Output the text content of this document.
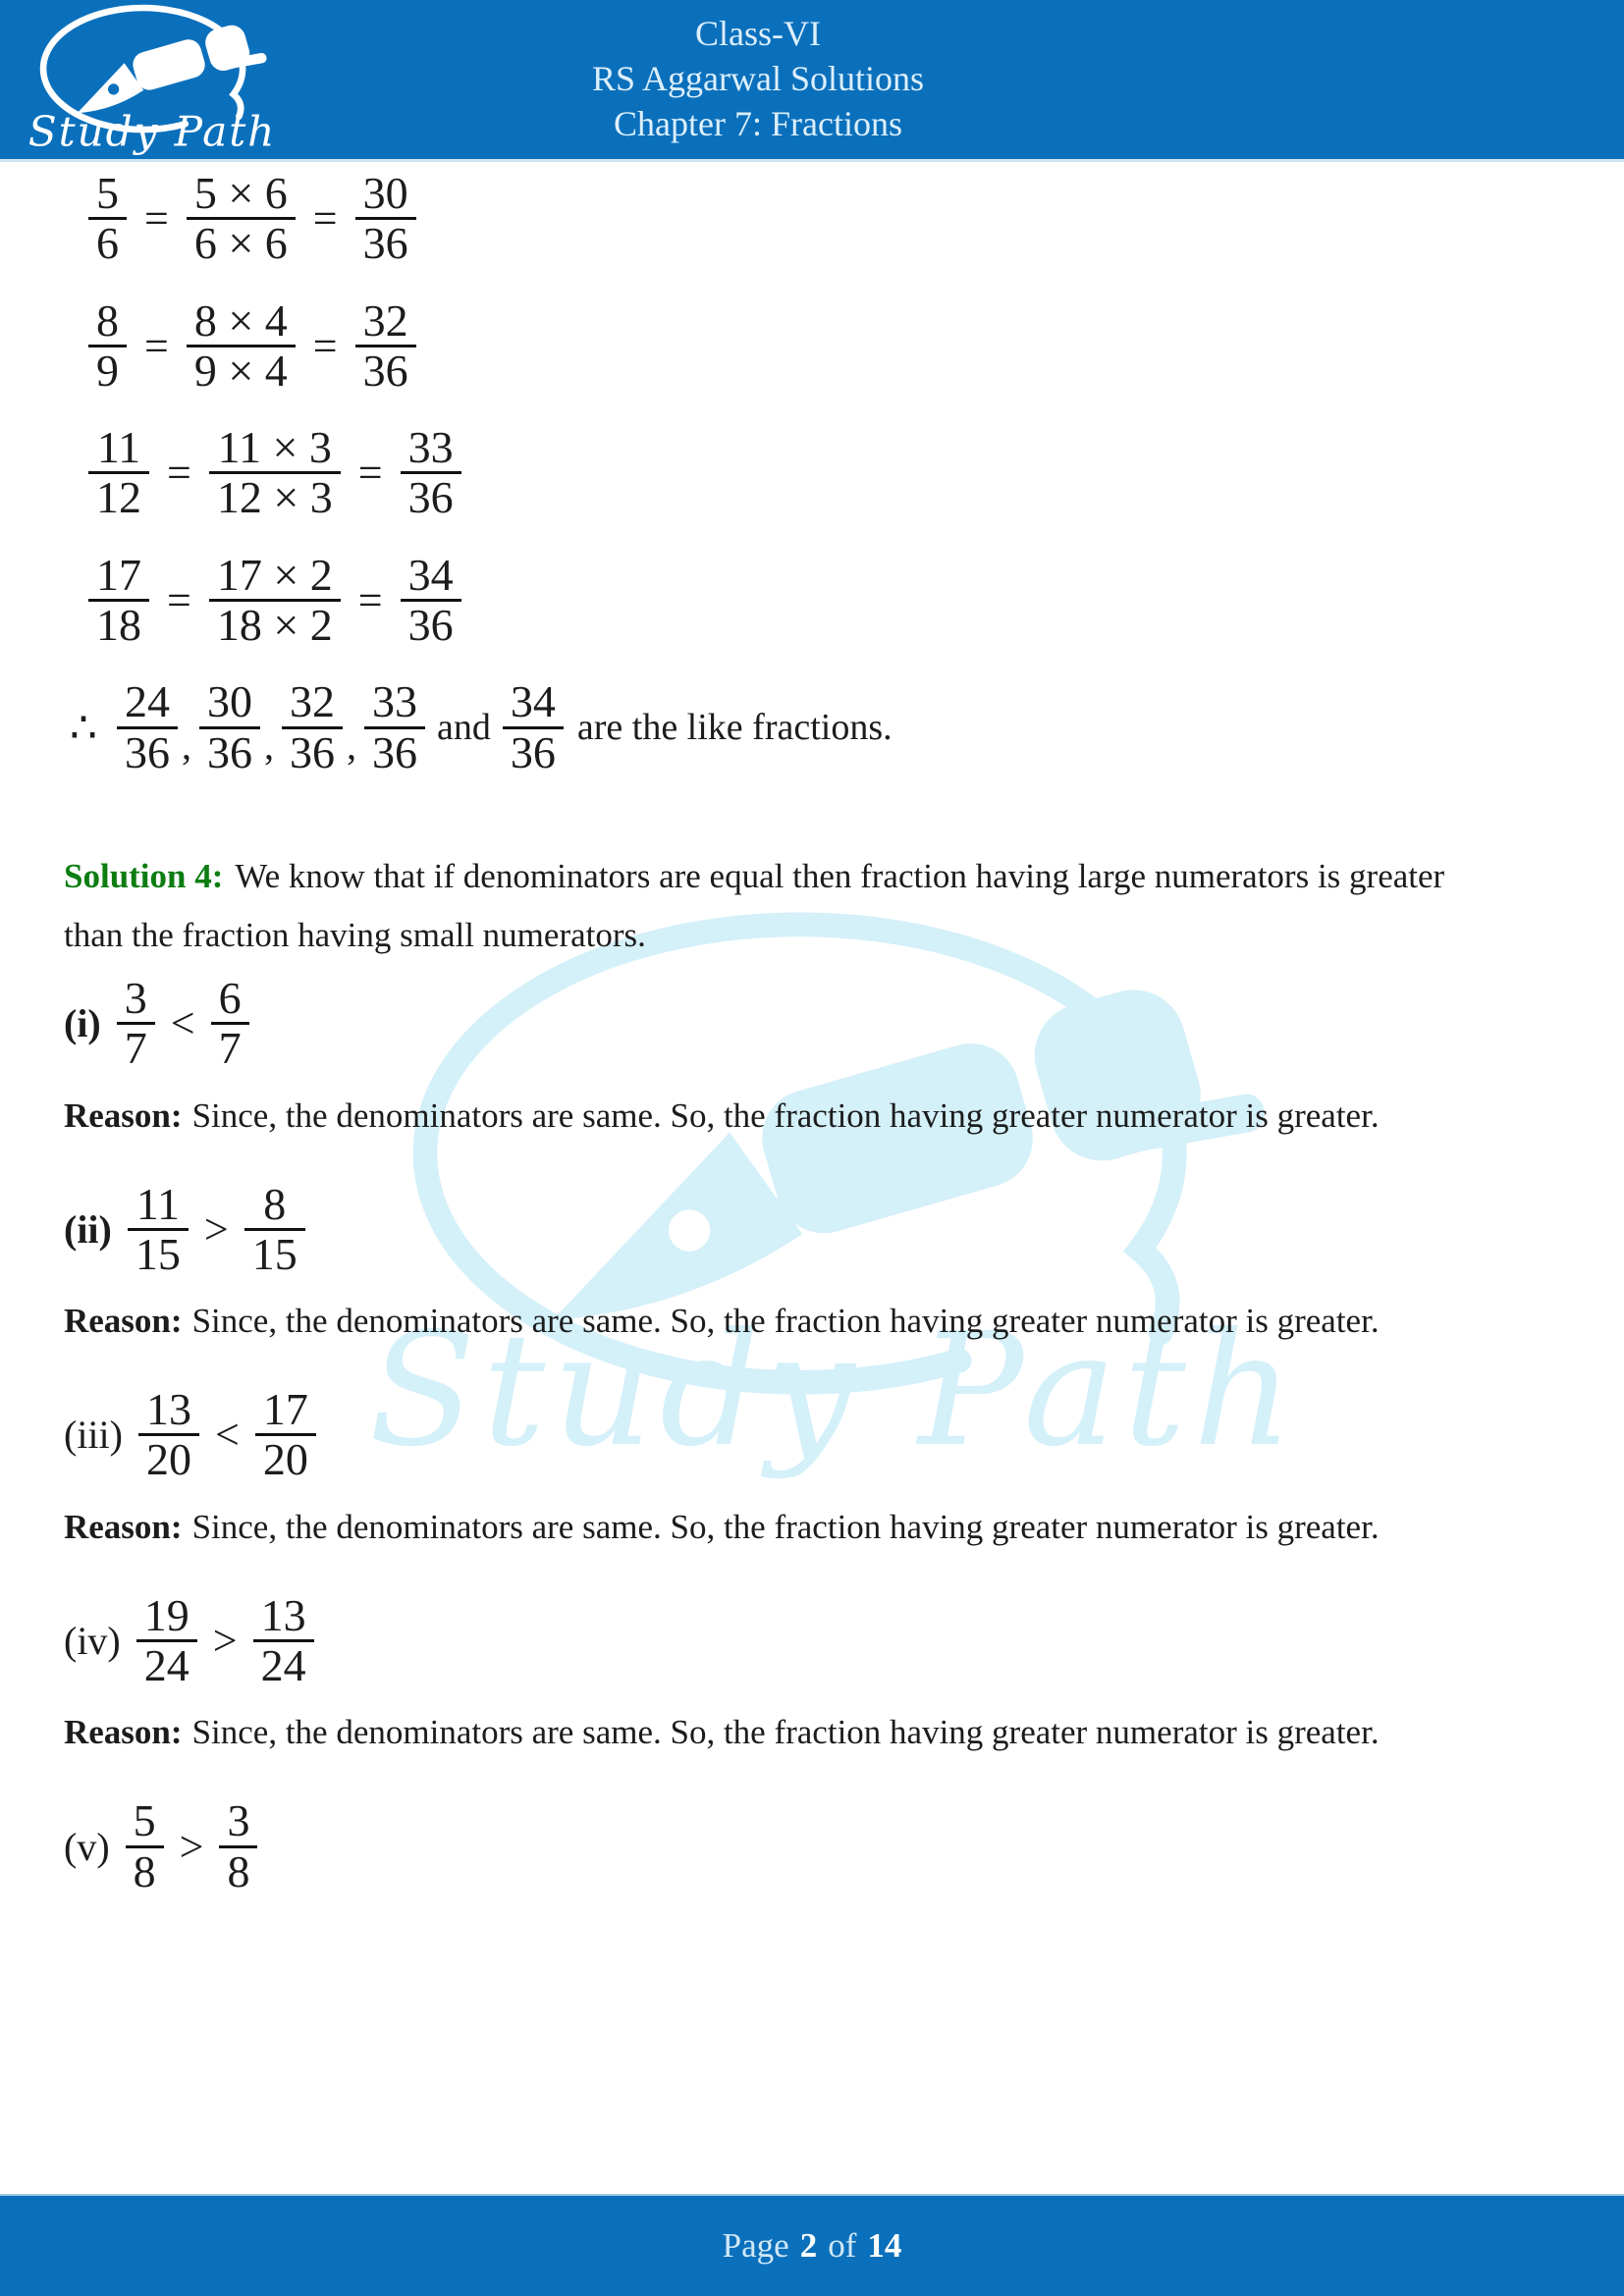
Class-VI
RS Aggarwal Solutions
Chapter 7: Fractions
$\frac{5}{6} = \frac{5 \times 6}{6 \times 6} = \frac{30}{36}$
$\frac{8}{9} = \frac{8 \times 4}{9 \times 4} = \frac{32}{36}$
$\frac{11}{12} = \frac{11 \times 3}{12 \times 3} = \frac{33}{36}$
$\frac{17}{18} = \frac{17 \times 2}{18 \times 2} = \frac{34}{36}$
∴ $\frac{24}{36}$ , $\frac{30}{36}$ , $\frac{32}{36}$ , $\frac{33}{36}$ and $\frac{34}{36}$ are the like fractions.

Solution 4: We know that if denominators are equal then fraction having large numerators is greater than the fraction having small numerators.

$(i) \frac{3}{7} < \frac{6}{7}$

Reason: Since, the denominators are same. So, the fraction having greater numerator is greater.

$(ii) \frac{11}{15} > \frac{8}{15}$

Reason: Since, the denominators are same. So, the fraction having greater numerator is greater.

$(iii) \frac{13}{20} < \frac{17}{20}$

Reason: Since, the denominators are same. So, the fraction having greater numerator is greater.

$(iv) \frac{19}{24} > \frac{13}{24}$

Reason: Since, the denominators are same. So, the fraction having greater numerator is greater.

$(v) \frac{5}{8} > \frac{3}{8}$
Page 2 of 14
